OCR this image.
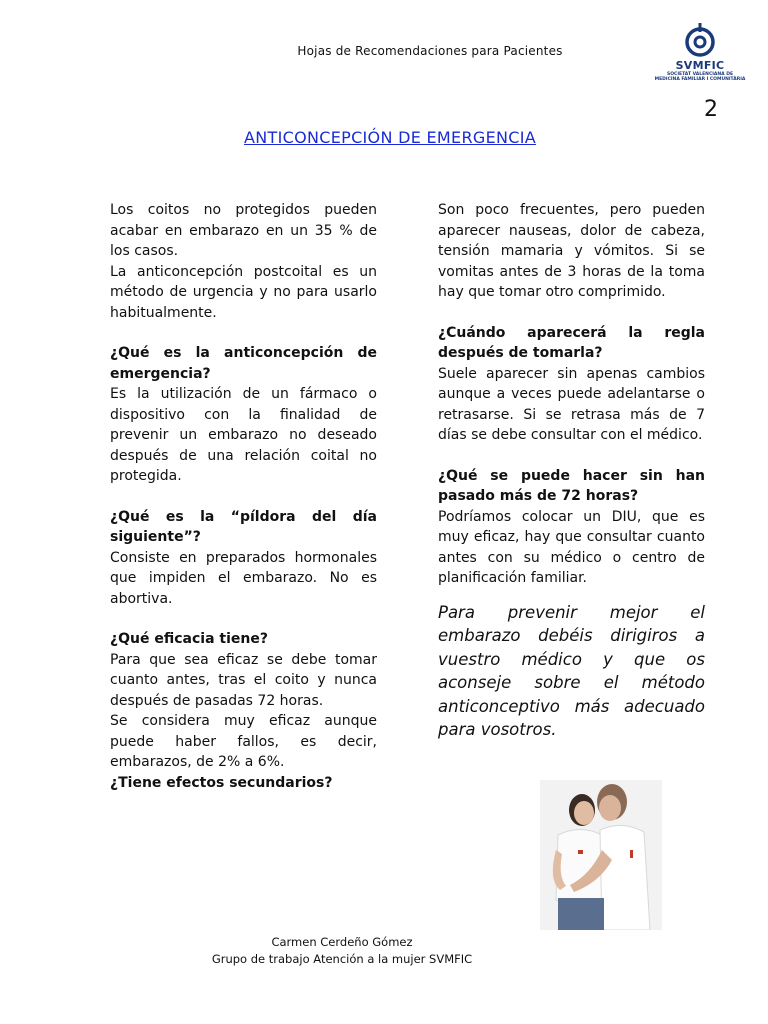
Hojas de Recomendaciones para Pacientes
SVMFIC
SOCIETAT VALENCIANA DE
MEDICINA FAMILIAR I COMUNITÀRIA
2
ANTICONCEPCIÓN DE EMERGENCIA

Los coitos no protegidos pueden acabar en embarazo en un 35 % de los casos.

La anticoncepción postcoital es un método de urgencia y no para usarlo habitualmente.

¿Qué es la anticoncepción de emergencia?

Es la utilización de un fármaco o dispositivo con la finalidad de prevenir un embarazo no deseado después de una relación coital no protegida.

¿Qué es la “píldora del día siguiente”?

Consiste en preparados hormonales que impiden el embarazo. No es abortiva.

¿Qué eficacia tiene?

Para que sea eficaz se debe tomar cuanto antes, tras el coito y nunca después de pasadas 72 horas.

Se considera muy eficaz aunque puede haber fallos, es decir, embarazos, de 2% a 6%.

¿Tiene efectos secundarios?

Son poco frecuentes, pero pueden aparecer nauseas, dolor de cabeza, tensión mamaria y vómitos. Si se vomitas antes de 3 horas de la toma hay que tomar otro comprimido.

¿Cuándo aparecerá la regla después de tomarla?

Suele aparecer sin apenas cambios aunque a veces puede adelantarse o retrasarse. Si se retrasa más de 7 días se debe consultar con el médico.

¿Qué se puede hacer sin han pasado más de 72 horas?

Podríamos colocar un DIU, que es muy eficaz, hay que consultar cuanto antes con su médico o centro de planificación familiar.

Para prevenir mejor el embarazo debéis dirigiros a vuestro médico y que os aconseje sobre el método anticonceptivo más adecuado para vosotros.

Carmen Cerdeño Gómez
Grupo de trabajo Atención a la mujer SVMFIC
